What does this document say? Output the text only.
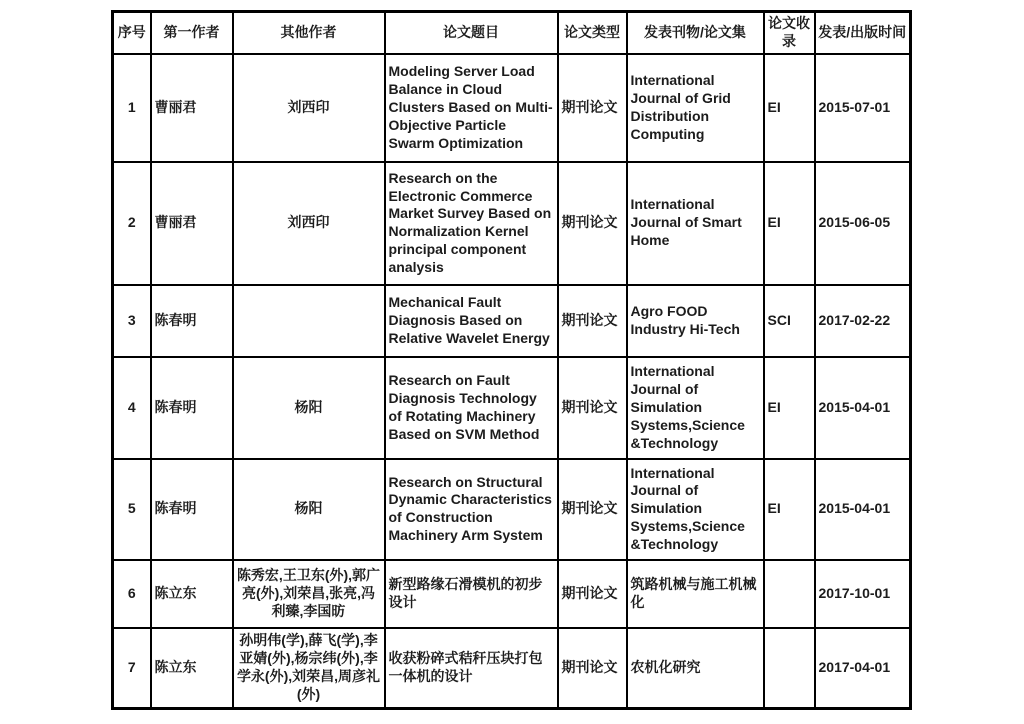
序号	第一作者	其他作者	论文题目	论文类型	发表刊物/论文集	论文收录	发表/出版时间
1	曹丽君	刘西印	Modeling Server Load Balance in Cloud Clusters Based on Multi-Objective Particle Swarm Optimization	期刊论文	International Journal of Grid Distribution Computing	EI	2015-07-01
2	曹丽君	刘西印	Research on the Electronic Commerce Market Survey Based on Normalization Kernel principal component analysis	期刊论文	International Journal of Smart Home	EI	2015-06-05
3	陈春明		Mechanical Fault Diagnosis Based on Relative Wavelet Energy	期刊论文	Agro FOOD Industry Hi-Tech	SCI	2017-02-22
4	陈春明	杨阳	Research on Fault Diagnosis Technology of Rotating Machinery Based on SVM Method	期刊论文	International Journal of Simulation Systems,Science &Technology	EI	2015-04-01
5	陈春明	杨阳	Research on Structural Dynamic Characteristics of Construction Machinery Arm System	期刊论文	International Journal of Simulation Systems,Science &Technology	EI	2015-04-01
6	陈立东	陈秀宏,王卫东(外),郭广亮(外),刘荣昌,张亮,冯利臻,李国昉	新型路缘石滑模机的初步设计	期刊论文	筑路机械与施工机械化		2017-10-01
7	陈立东	孙明伟(学),薛飞(学),李亚婧(外),杨宗纬(外),李学永(外),刘荣昌,周彦礼(外)	收获粉碎式秸秆压块打包一体机的设计	期刊论文	农机化研究		2017-04-01
